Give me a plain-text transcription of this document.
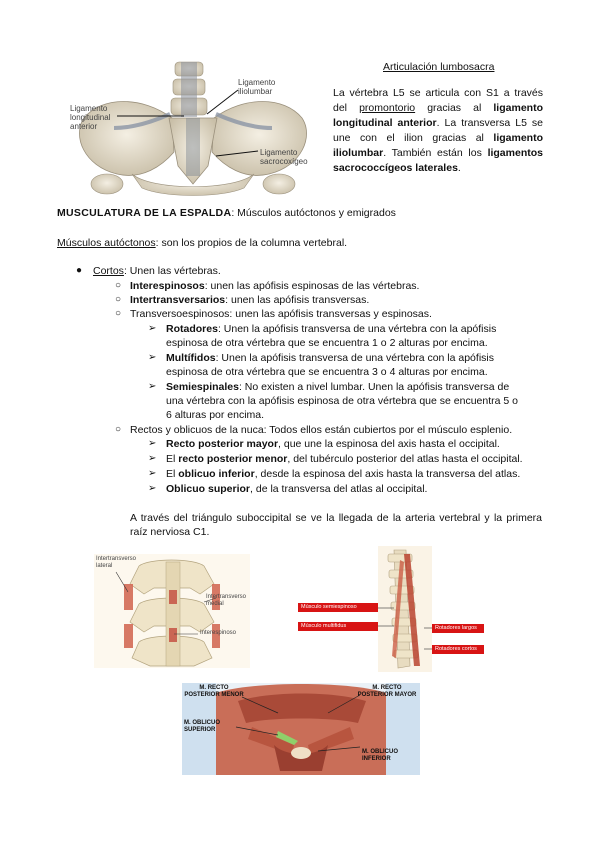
Ligamento longitudinal anterior
Ligamento iliolumbar
Ligamento sacrocoxígeo
Articulación lumbosacra
La vértebra L5 se articula con S1 a través del promontorio gracias al ligamento longitudinal anterior. La transversa L5 se une con el ilion gracias al ligamento iliolumbar. También están los ligamentos sacrococcígeos laterales.
MUSCULATURA DE LA ESPALDA: Músculos autóctonos y emigrados
Músculos autóctonos: son los propios de la columna vertebral.
● Cortos: Unen las vértebras.
○ Interespinosos: unen las apófisis espinosas de las vértebras.
○ Intertransversarios: unen las apófisis transversas.
○ Transversoespinosos: unen las apófisis transversas y espinosas.
➢ Rotadores: Unen la apófisis transversa de una vértebra con la apófisis
espinosa de otra vértebra que se encuentra 1 o 2 alturas por encima.
➢ Multífidos: Unen la apófisis transversa de una vértebra con la apófisis
espinosa de otra vértebra que se encuentra 3 o 4 alturas por encima.
➢ Semiespinales: No existen a nivel lumbar. Unen la apófisis transversa de
una vértebra con la apófisis espinosa de otra vértebra que se encuentra 5 o
6 alturas por encima.
○ Rectos y oblicuos de la nuca: Todos ellos están cubiertos por el músculo esplenio.
➢ Recto posterior mayor, que une la espinosa del axis hasta el occipital.
➢ El recto posterior menor, del tubérculo posterior del atlas hasta el occipital.
➢ El oblicuo inferior, desde la espinosa del axis hasta la transversa del atlas.
➢ Oblicuo superior, de la transversa del atlas al occipital.
A través del triángulo suboccipital se ve la llegada de la arteria vertebral y la primera raíz nerviosa C1.
Intertransverso lateral
Intertransverso medial
Interespinoso
Músculo semiespinoso
Músculo multifidus	Rotadores largos
Rotadores cortos
M. RECTO POSTERIOR MENOR
M. RECTO POSTERIOR MAYOR
M. OBLICUO SUPERIOR
M. OBLICUO INFERIOR
